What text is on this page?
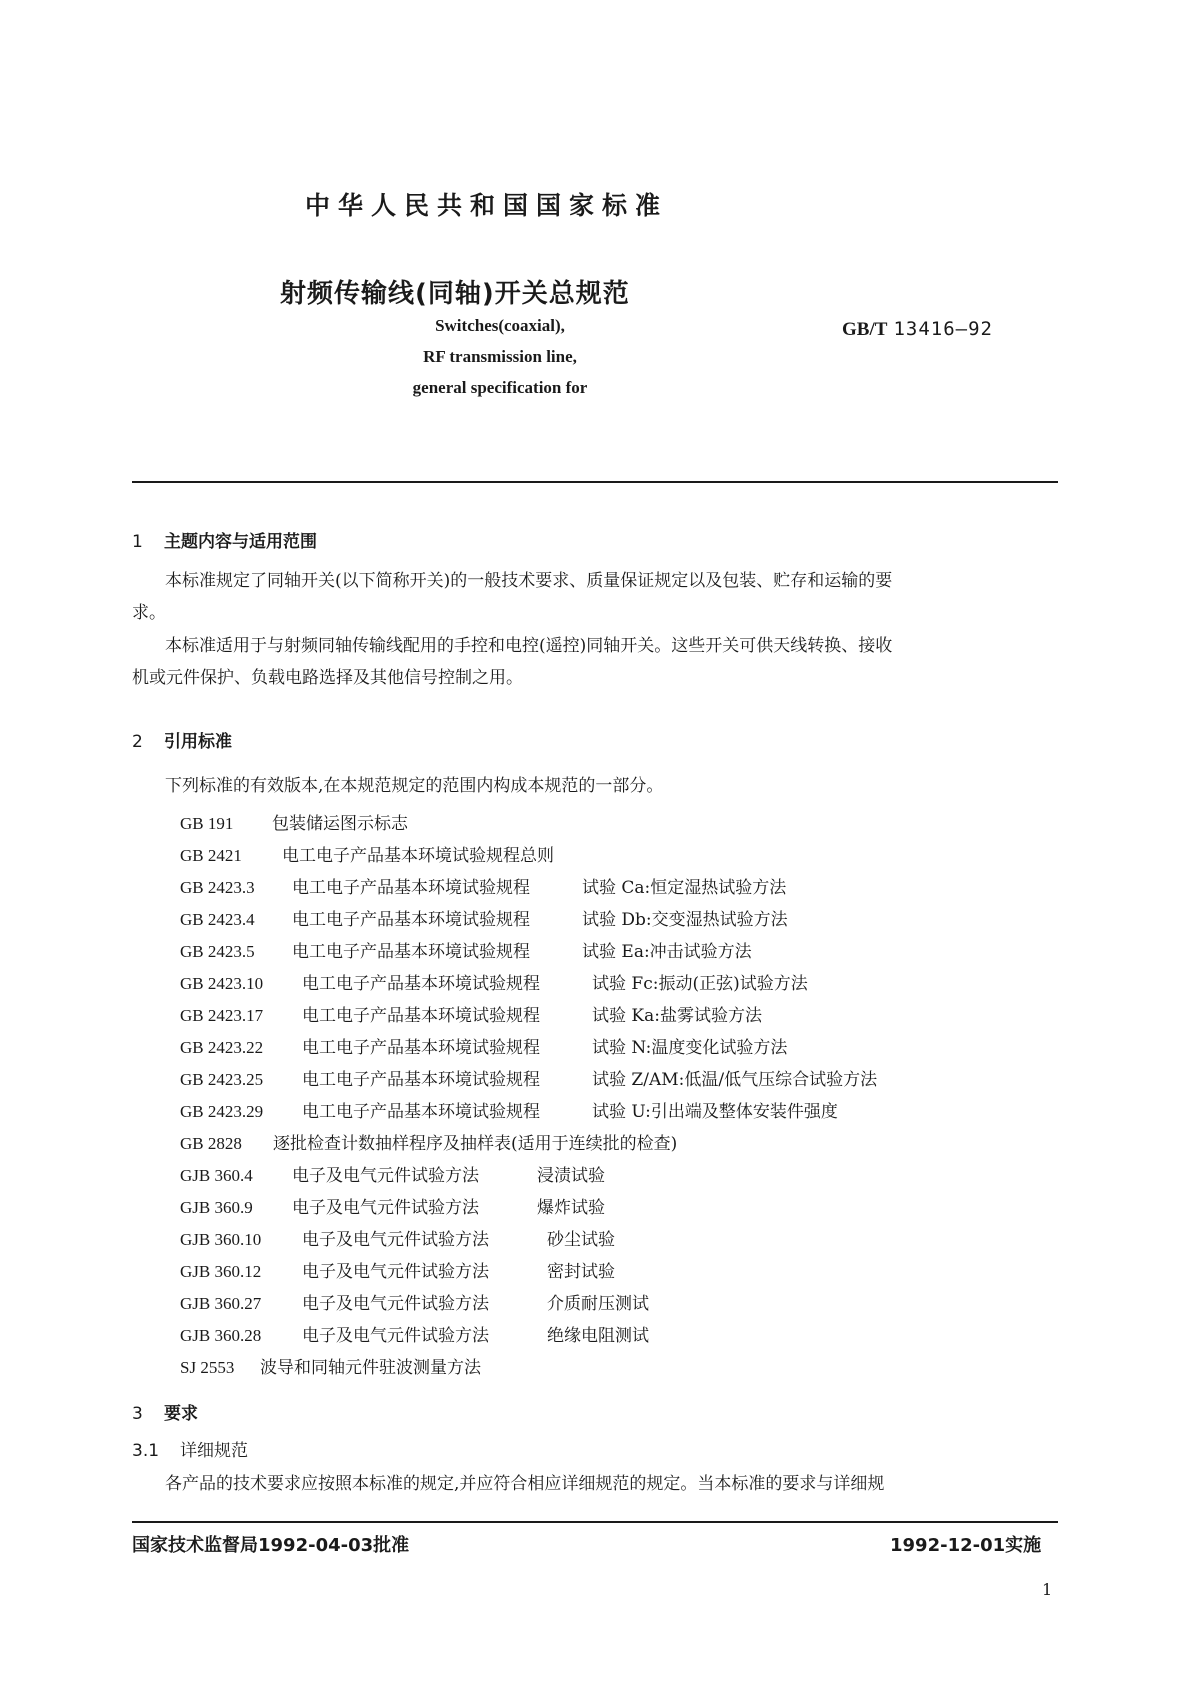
中华人民共和国国家标准
射频传输线(同轴)开关总规范
GB/T 13416—92
Switches(coaxial),
RF transmission line,
general specification for
1 主题内容与适用范围
本标准规定了同轴开关(以下简称开关)的一般技术要求、质量保证规定以及包装、贮存和运输的要
求。
本标准适用于与射频同轴传输线配用的手控和电控(遥控)同轴开关。这些开关可供天线转换、接收
机或元件保护、负载电路选择及其他信号控制之用。
2 引用标准
下列标准的有效版本,在本规范规定的范围内构成本规范的一部分。
GB 191 包装储运图示标志
GB 2421 电工电子产品基本环境试验规程总则
GB 2423.3 电工电子产品基本环境试验规程	试验 Ca:恒定湿热试验方法
GB 2423.4 电工电子产品基本环境试验规程	试验 Db:交变湿热试验方法
GB 2423.5 电工电子产品基本环境试验规程	试验 Ea:冲击试验方法
GB 2423.10 电工电子产品基本环境试验规程	试验 Fc:振动(正弦)试验方法
GB 2423.17 电工电子产品基本环境试验规程	试验 Ka:盐雾试验方法
GB 2423.22 电工电子产品基本环境试验规程	试验 N:温度变化试验方法
GB 2423.25 电工电子产品基本环境试验规程	试验 Z/AM:低温/低气压综合试验方法
GB 2423.29 电工电子产品基本环境试验规程	试验 U:引出端及整体安装件强度
GB 2828 逐批检查计数抽样程序及抽样表(适用于连续批的检查)
GJB 360.4 电子及电气元件试验方法	浸渍试验
GJB 360.9 电子及电气元件试验方法	爆炸试验
GJB 360.10 电子及电气元件试验方法	砂尘试验
GJB 360.12 电子及电气元件试验方法	密封试验
GJB 360.27 电子及电气元件试验方法	介质耐压测试
GJB 360.28 电子及电气元件试验方法	绝缘电阻测试
SJ 2553 波导和同轴元件驻波测量方法
3 要求
3.1 详细规范
各产品的技术要求应按照本标准的规定,并应符合相应详细规范的规定。当本标准的要求与详细规
国家技术监督局1992-04-03批准	1992-12-01实施
1
